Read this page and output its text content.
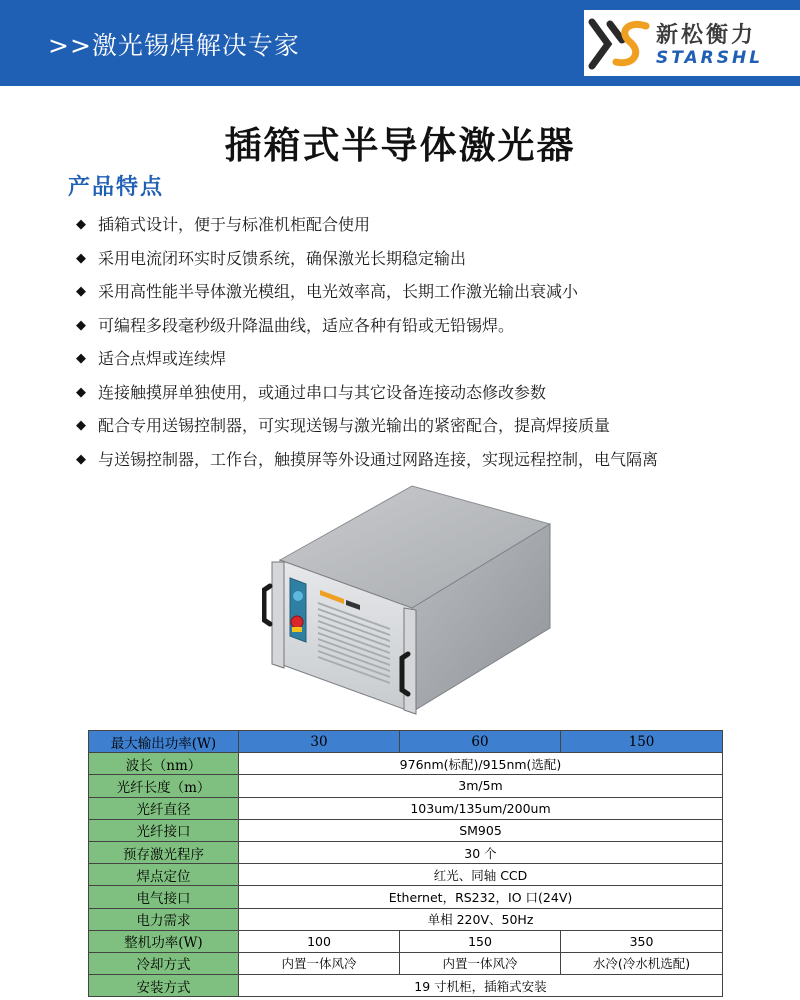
>>激光锡焊解决专家	新松衡力
STARSHL
插箱式半导体激光器
产品特点
◆ 插箱式设计，便于与标准机柜配合使用
◆ 采用电流闭环实时反馈系统，确保激光长期稳定输出
◆ 采用高性能半导体激光模组，电光效率高，长期工作激光输出衰减小
◆ 可编程多段毫秒级升降温曲线，适应各种有铅或无铅锡焊。
◆ 适合点焊或连续焊
◆ 连接触摸屏单独使用，或通过串口与其它设备连接动态修改参数
◆ 配合专用送锡控制器，可实现送锡与激光输出的紧密配合，提高焊接质量
◆ 与送锡控制器，工作台，触摸屏等外设通过网路连接，实现远程控制，电气隔离
最大输出功率(W)	30	60	150
波长（nm）	976nm(标配)/915nm(选配)		
光纤长度（m）	3m/5m		
光纤直径	103um/135um/200um		
光纤接口	SM905		
预存激光程序	30 个		
焊点定位	红光、同轴 CCD		
电气接口	Ethernet，RS232，IO 口(24V)		
电力需求	单相 220V、50Hz		
整机功率(W)	100	150	350
冷却方式	内置一体风冷	内置一体风冷	水冷(冷水机选配)
安装方式	19 寸机柜，插箱式安装		
